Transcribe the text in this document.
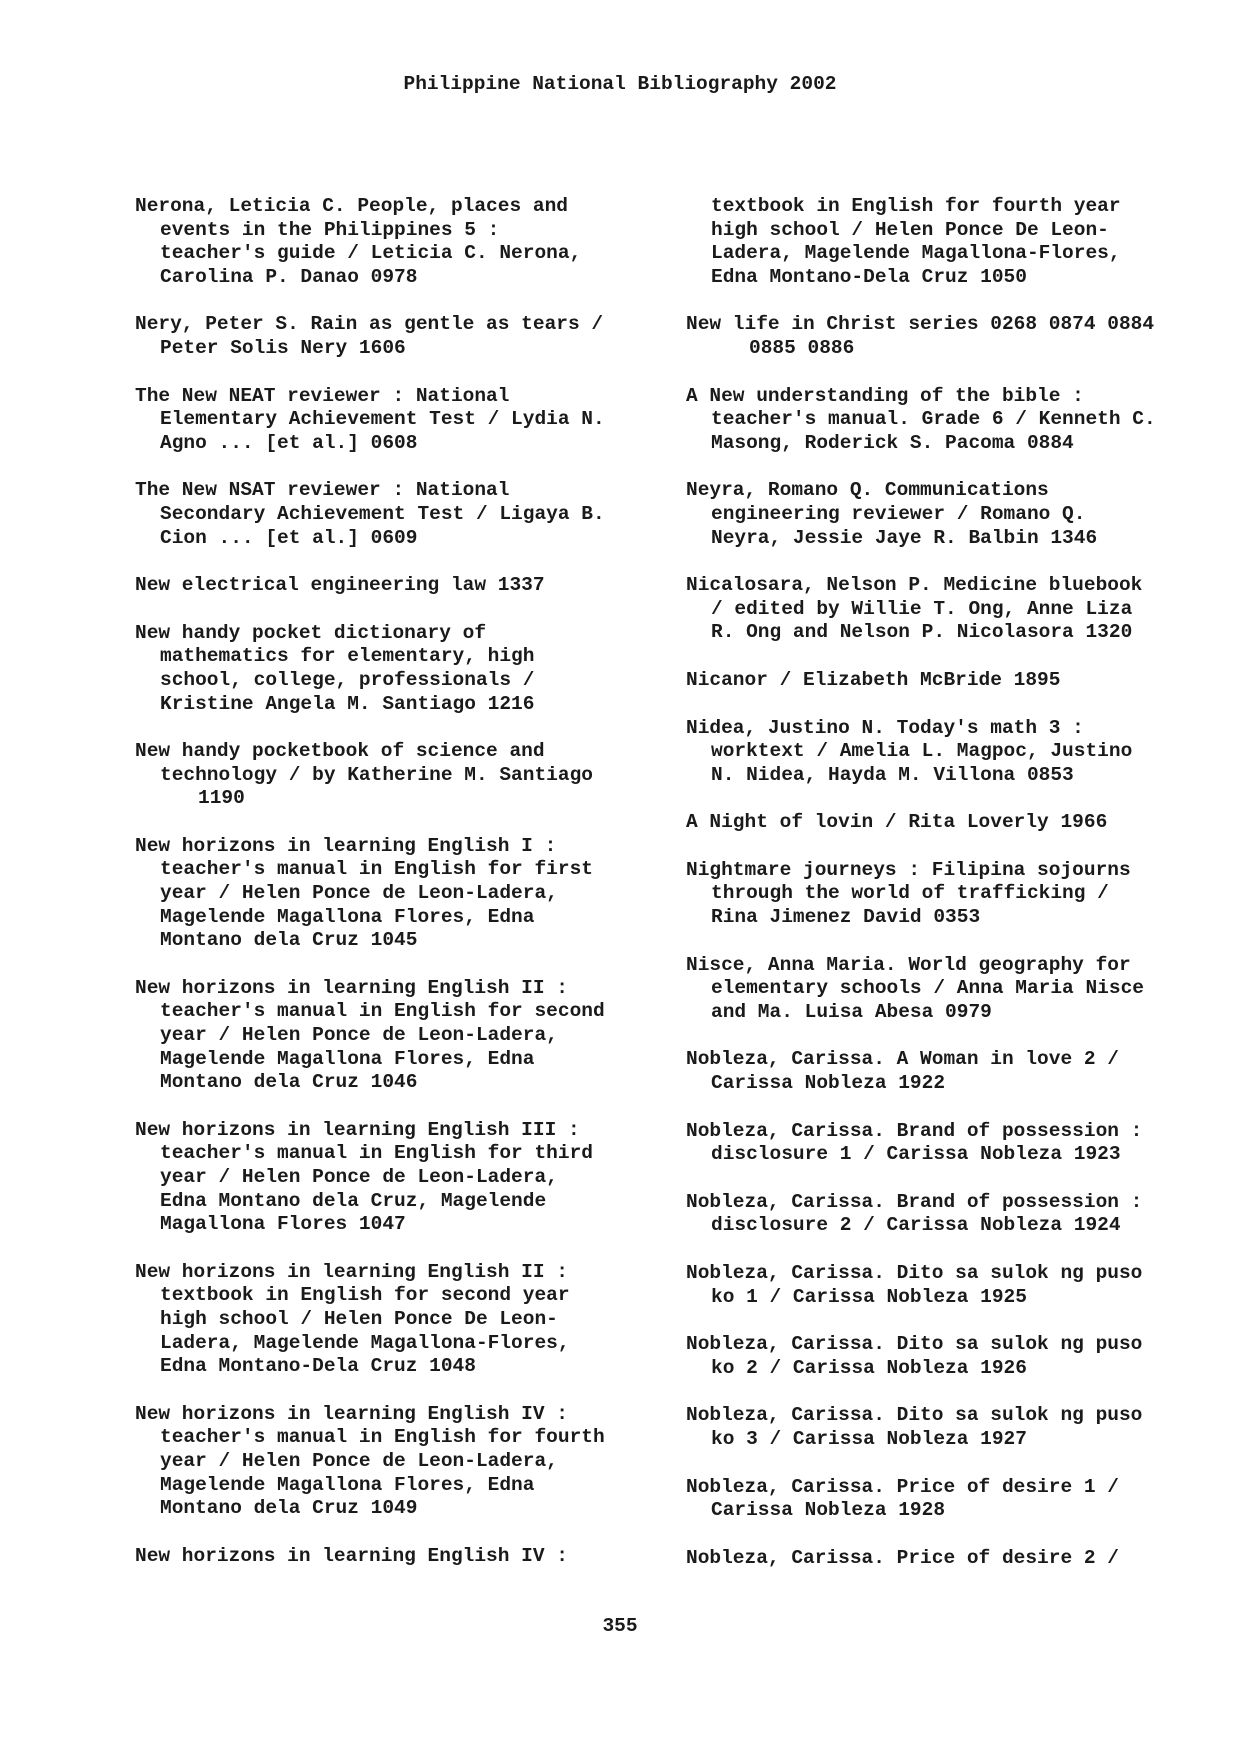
Philippine National Bibliography 2002

Nerona, Leticia C. People, places and
events in the Philippines 5 :
teacher's guide / Leticia C. Nerona,
Carolina P. Danao 0978

Nery, Peter S. Rain as gentle as tears /
Peter Solis Nery 1606

The New NEAT reviewer : National
Elementary Achievement Test / Lydia N.
Agno ... [et al.] 0608

The New NSAT reviewer : National
Secondary Achievement Test / Ligaya B.
Cion ... [et al.] 0609

New electrical engineering law 1337

New handy pocket dictionary of
mathematics for elementary, high
school, college, professionals /
Kristine Angela M. Santiago 1216

New handy pocketbook of science and
technology / by Katherine M. Santiago
1190

New horizons in learning English I :
teacher's manual in English for first
year / Helen Ponce de Leon-Ladera,
Magelende Magallona Flores, Edna
Montano dela Cruz 1045

New horizons in learning English II :
teacher's manual in English for second
year / Helen Ponce de Leon-Ladera,
Magelende Magallona Flores, Edna
Montano dela Cruz 1046

New horizons in learning English III :
teacher's manual in English for third
year / Helen Ponce de Leon-Ladera,
Edna Montano dela Cruz, Magelende
Magallona Flores 1047

New horizons in learning English II :
textbook in English for second year
high school / Helen Ponce De Leon-
Ladera, Magelende Magallona-Flores,
Edna Montano-Dela Cruz 1048

New horizons in learning English IV :
teacher's manual in English for fourth
year / Helen Ponce de Leon-Ladera,
Magelende Magallona Flores, Edna
Montano dela Cruz 1049

New horizons in learning English IV :

textbook in English for fourth year
high school / Helen Ponce De Leon-
Ladera, Magelende Magallona-Flores,
Edna Montano-Dela Cruz 1050

New life in Christ series 0268 0874 0884
0885 0886

A New understanding of the bible :
teacher's manual. Grade 6 / Kenneth C.
Masong, Roderick S. Pacoma 0884

Neyra, Romano Q. Communications
engineering reviewer / Romano Q.
Neyra, Jessie Jaye R. Balbin 1346

Nicalosara, Nelson P. Medicine bluebook
/ edited by Willie T. Ong, Anne Liza
R. Ong and Nelson P. Nicolasora 1320

Nicanor / Elizabeth McBride 1895

Nidea, Justino N. Today's math 3 :
worktext / Amelia L. Magpoc, Justino
N. Nidea, Hayda M. Villona 0853

A Night of lovin / Rita Loverly 1966

Nightmare journeys : Filipina sojourns
through the world of trafficking /
Rina Jimenez David 0353

Nisce, Anna Maria. World geography for
elementary schools / Anna Maria Nisce
and Ma. Luisa Abesa 0979

Nobleza, Carissa. A Woman in love 2 /
Carissa Nobleza 1922

Nobleza, Carissa. Brand of possession :
disclosure 1 / Carissa Nobleza 1923

Nobleza, Carissa. Brand of possession :
disclosure 2 / Carissa Nobleza 1924

Nobleza, Carissa. Dito sa sulok ng puso
ko 1 / Carissa Nobleza 1925

Nobleza, Carissa. Dito sa sulok ng puso
ko 2 / Carissa Nobleza 1926

Nobleza, Carissa. Dito sa sulok ng puso
ko 3 / Carissa Nobleza 1927

Nobleza, Carissa. Price of desire 1 /
Carissa Nobleza 1928

Nobleza, Carissa. Price of desire 2 /

355
